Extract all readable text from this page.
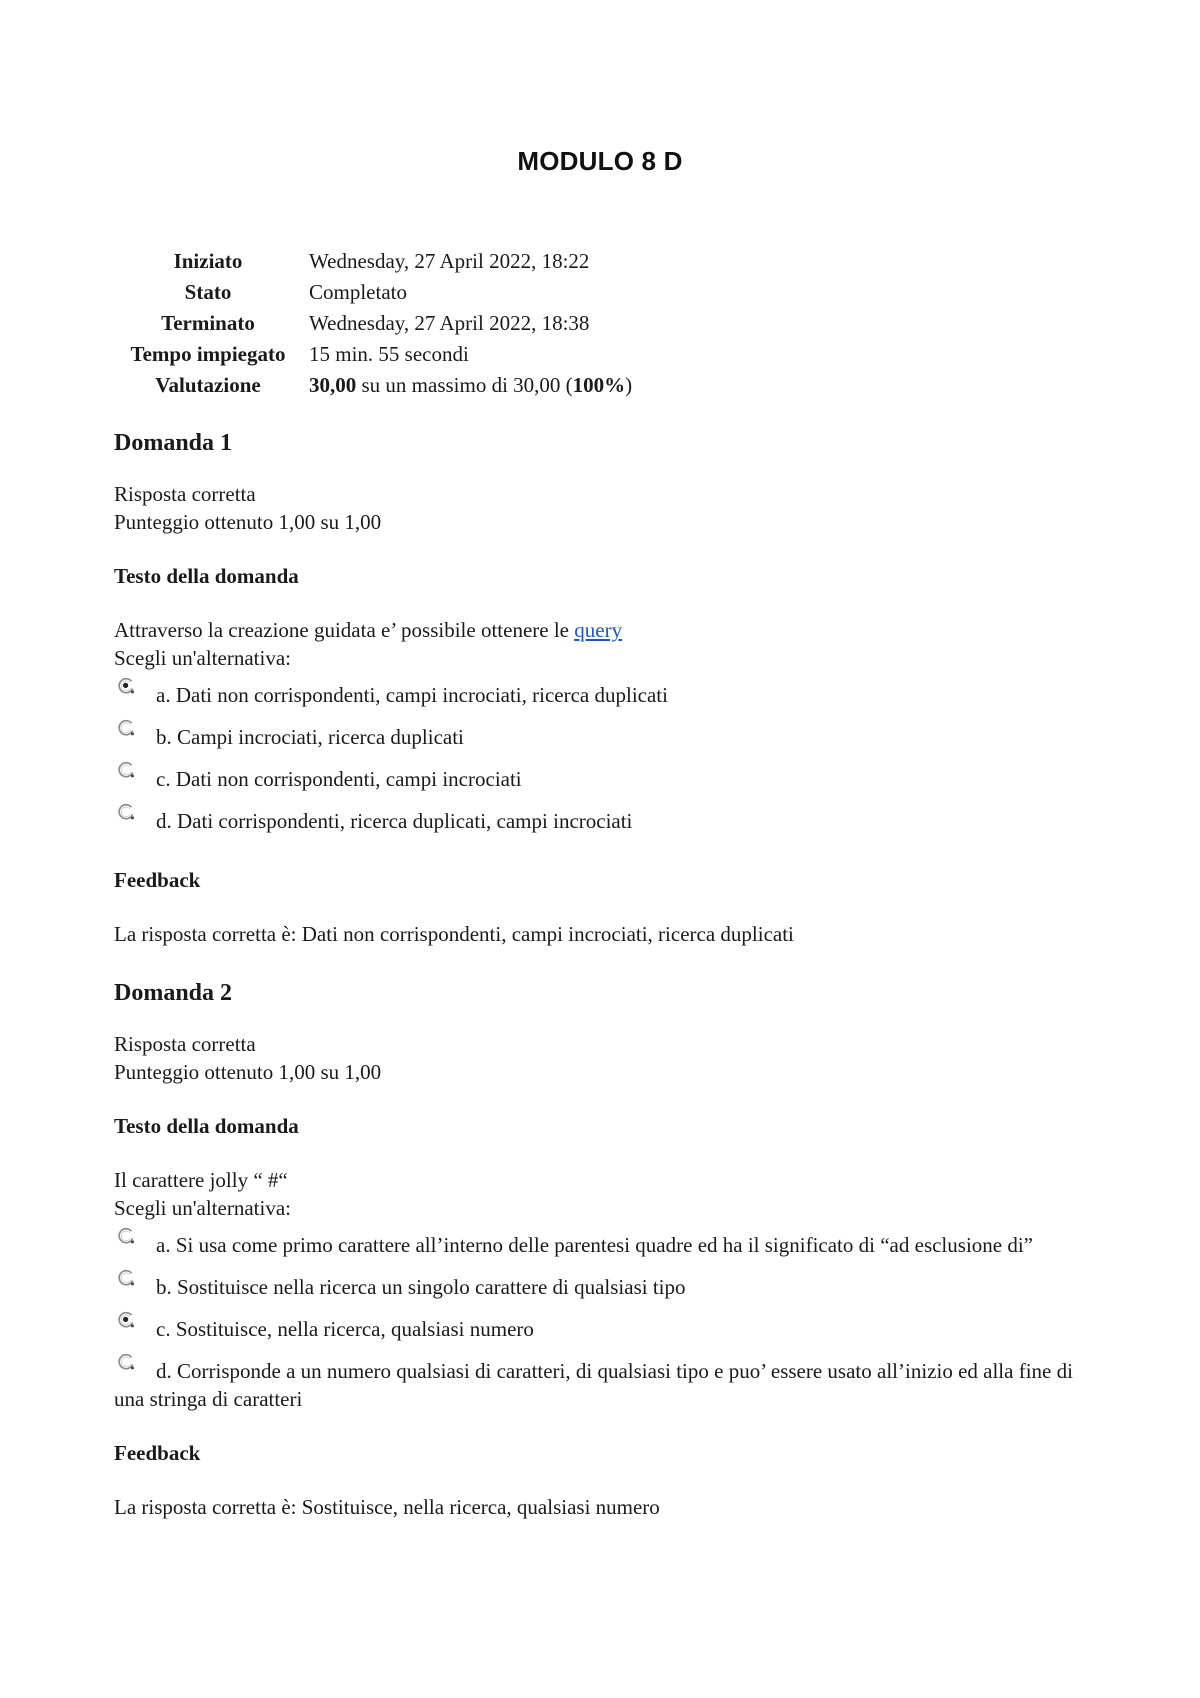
MODULO 8 D
Iniziato	Wednesday, 27 April 2022, 18:22
Stato	Completato
Terminato	Wednesday, 27 April 2022, 18:38
Tempo impiegato	15 min. 55 secondi
Valutazione	30,00 su un massimo di 30,00 (100%)
Domanda 1

Risposta corretta

Punteggio ottenuto 1,00 su 1,00

Testo della domanda

Attraverso la creazione guidata e’ possibile ottenere le query

Scegli un'alternativa:

a. Dati non corrispondenti, campi incrociati, ricerca duplicati
b. Campi incrociati, ricerca duplicati
c. Dati non corrispondenti, campi incrociati
d. Dati corrispondenti, ricerca duplicati, campi incrociati
Feedback

La risposta corretta è: Dati non corrispondenti, campi incrociati, ricerca duplicati

Domanda 2

Risposta corretta

Punteggio ottenuto 1,00 su 1,00

Testo della domanda

Il carattere jolly “ #“

Scegli un'alternativa:

a. Si usa come primo carattere all’interno delle parentesi quadre ed ha il significato di “ad esclusione di”
b. Sostituisce nella ricerca un singolo carattere di qualsiasi tipo
c. Sostituisce, nella ricerca, qualsiasi numero
d. Corrisponde a un numero qualsiasi di caratteri, di qualsiasi tipo e puo’ essere usato all’inizio ed alla fine di una stringa di caratteri
Feedback

La risposta corretta è: Sostituisce, nella ricerca, qualsiasi numero
